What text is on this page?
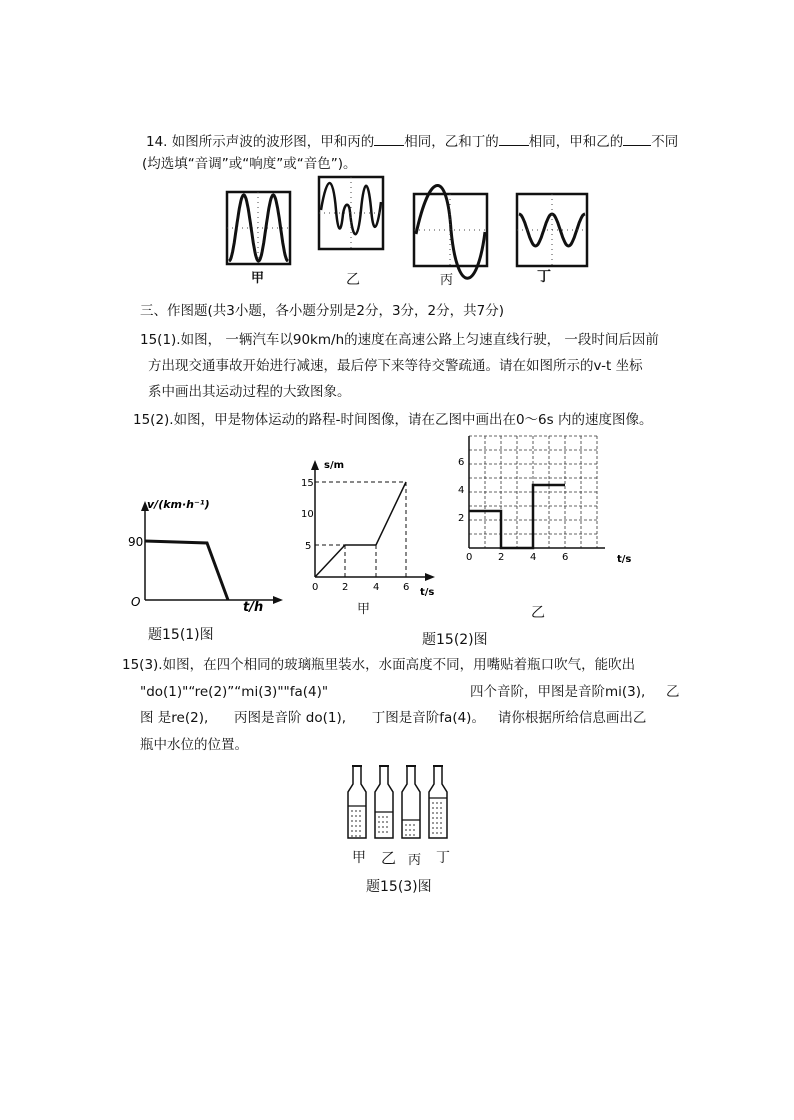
14. 如图所示声波的波形图，甲和丙的 相同，乙和丁的 相同，甲和乙的 不同
(均选填“音调”或“响度”或“音色”)。
甲	乙	丙	丁
三、作图题(共3小题，各小题分别是2分，3分，2分，共7分)
15(1).如图， 一辆汽车以90km/h的速度在高速公路上匀速直线行驶， 一段时间后因前
方出现交通事故开始进行减速，最后停下来等待交警疏通。请在如图所示的v-t 坐标
系中画出其运动过程的大致图象。
15(2).如图，甲是物体运动的路程-时间图像，请在乙图中画出在0～6s 内的速度图像。
v/(km·h⁻¹)
90
O	t/h
题15(1)图
s/m
5
10
15
0 2 4 6 t/s
甲
6
4
2
0	2	4	6	t/s
乙
题15(2)图
15(3).如图，在四个相同的玻璃瓶里装水，水面高度不同，用嘴贴着瓶口吹气，能吹出
"do(1)"“re(2)”“mi(3)""fa(4)"	四个音阶，甲图是音阶mi(3), 乙
图 是re(2),      丙图是音阶 do(1),      丁图是音阶fa(4)。   请你根据所给信息画出乙
瓶中水位的位置。
甲 乙 丙 丁
题15(3)图
